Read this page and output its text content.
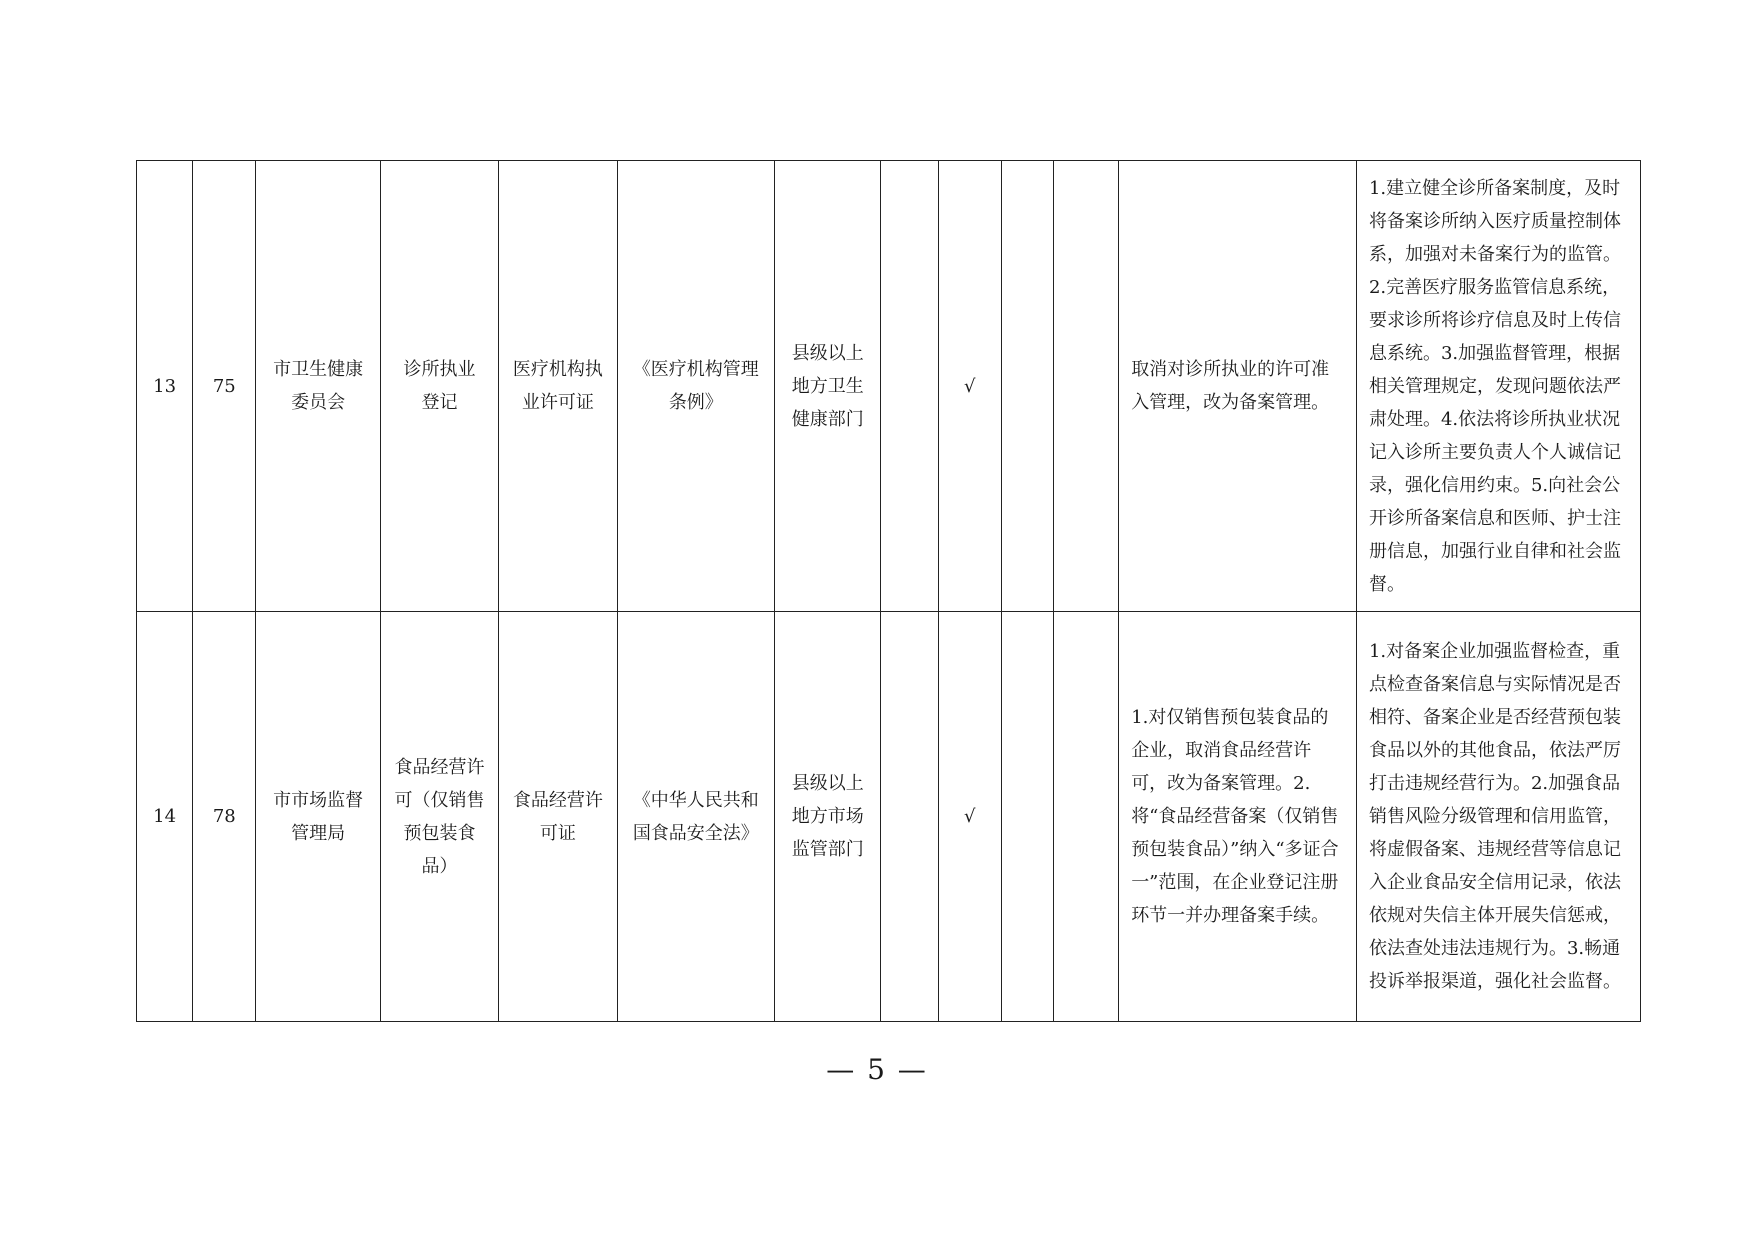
13	75	市卫生健康委员会	诊所执业登记	医疗机构执业许可证	《医疗机构管理条例》	县级以上地方卫生健康部门		√				取消对诊所执业的许可准入管理，改为备案管理。	1.建立健全诊所备案制度，及时将备案诊所纳入医疗质量控制体系，加强对未备案行为的监管。2.完善医疗服务监管信息系统，要求诊所将诊疗信息及时上传信息系统。3.加强监督管理，根据相关管理规定，发现问题依法严肃处理。4.依法将诊所执业状况记入诊所主要负责人个人诚信记录，强化信用约束。5.向社会公开诊所备案信息和医师、护士注册信息，加强行业自律和社会监督。

14	78	市市场监督管理局	食品经营许可（仅销售预包装食品）	食品经营许可证	《中华人民共和国食品安全法》	县级以上地方市场监管部门		√				1.对仅销售预包装食品的企业，取消食品经营许可，改为备案管理。2.将“食品经营备案（仅销售预包装食品）”纳入“多证合一”范围，在企业登记注册环节一并办理备案手续。	1.对备案企业加强监督检查，重点检查备案信息与实际情况是否相符、备案企业是否经营预包装食品以外的其他食品，依法严厉打击违规经营行为。2.加强食品销售风险分级管理和信用监管，将虚假备案、违规经营等信息记入企业食品安全信用记录，依法依规对失信主体开展失信惩戒，依法查处违法违规行为。3.畅通投诉举报渠道，强化社会监督。
— 5 —
